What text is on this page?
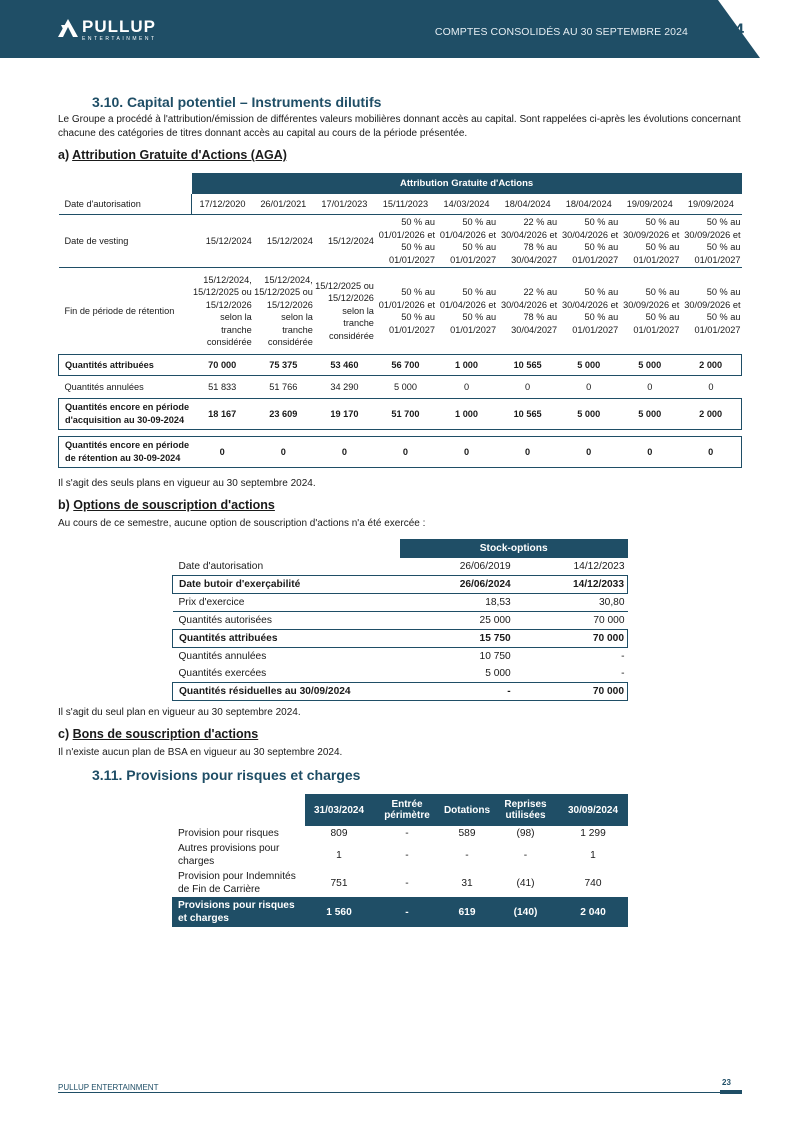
PULLUP
ENTERTAINMENT
COMPTES CONSOLIDÉS AU 30 SEPTEMBRE 2024	4
3.10. Capital potentiel – Instruments dilutifs
Le Groupe a procédé à l'attribution/émission de différentes valeurs mobilières donnant accès au capital. Sont rappelées ci-après les évolutions concernant chacune des catégories de titres donnant accès au capital au cours de la période présentée.
a) Attribution Gratuite d'Actions (AGA)
	Attribution Gratuite d'Actions								
Date d'autorisation	17/12/2020	26/01/2021	17/01/2023	15/11/2023	14/03/2024	18/04/2024	18/04/2024	19/09/2024	19/09/2024
Date de vesting	15/12/2024	15/12/2024	15/12/2024	50 % au 01/01/2026 et 50 % au 01/01/2027	50 % au 01/04/2026 et 50 % au 01/01/2027	22 % au 30/04/2026 et 78 % au 30/04/2027	50 % au 30/04/2026 et 50 % au 01/01/2027	50 % au 30/09/2026 et 50 % au 01/01/2027	50 % au 30/09/2026 et 50 % au 01/01/2027
Fin de période de rétention	15/12/2024, 15/12/2025 ou 15/12/2026 selon la tranche considérée	15/12/2024, 15/12/2025 ou 15/12/2026 selon la tranche considérée	15/12/2025 ou 15/12/2026 selon la tranche considérée	50 % au 01/01/2026 et 50 % au 01/01/2027	50 % au 01/04/2026 et 50 % au 01/01/2027	22 % au 30/04/2026 et 78 % au 30/04/2027	50 % au 30/04/2026 et 50 % au 01/01/2027	50 % au 30/09/2026 et 50 % au 01/01/2027	50 % au 30/09/2026 et 50 % au 01/01/2027
Quantités attribuées	70 000	75 375	53 460	56 700	1 000	10 565	5 000	5 000	2 000
Quantités annulées	51 833	51 766	34 290	5 000	0	0	0	0	0
Quantités encore en période d'acquisition au 30-09-2024	18 167	23 609	19 170	51 700	1 000	10 565	5 000	5 000	2 000

Quantités encore en période de rétention au 30-09-2024	0	0	0	0	0	0	0	0	0
Il s'agit des seuls plans en vigueur au 30 septembre 2024.
b) Options de souscription d'actions
Au cours de ce semestre, aucune option de souscription d'actions n'a été exercée :
	Stock-options	
Date d'autorisation	26/06/2019	14/12/2023
Date butoir d'exerçabilité	26/06/2024	14/12/2033
Prix d'exercice	18,53	30,80
Quantités autorisées	25 000	70 000
Quantités attribuées	15 750	70 000
Quantités annulées	10 750	-
Quantités exercées	5 000	-
Quantités résiduelles au 30/09/2024	-	70 000
Il s'agit du seul plan en vigueur au 30 septembre 2024.
c) Bons de souscription d'actions
Il n'existe aucun plan de BSA en vigueur au 30 septembre 2024.
3.11. Provisions pour risques et charges
	31/03/2024	Entrée périmètre	Dotations	Reprises utilisées	30/09/2024
Provision pour risques	809	-	589	(98)	1 299
Autres provisions pour charges	1	-	-	-	1
Provision pour Indemnités de Fin de Carrière	751	-	31	(41)	740
Provisions pour risques et charges	1 560	-	619	(140)	2 040
PULLUP ENTERTAINMENT
23
